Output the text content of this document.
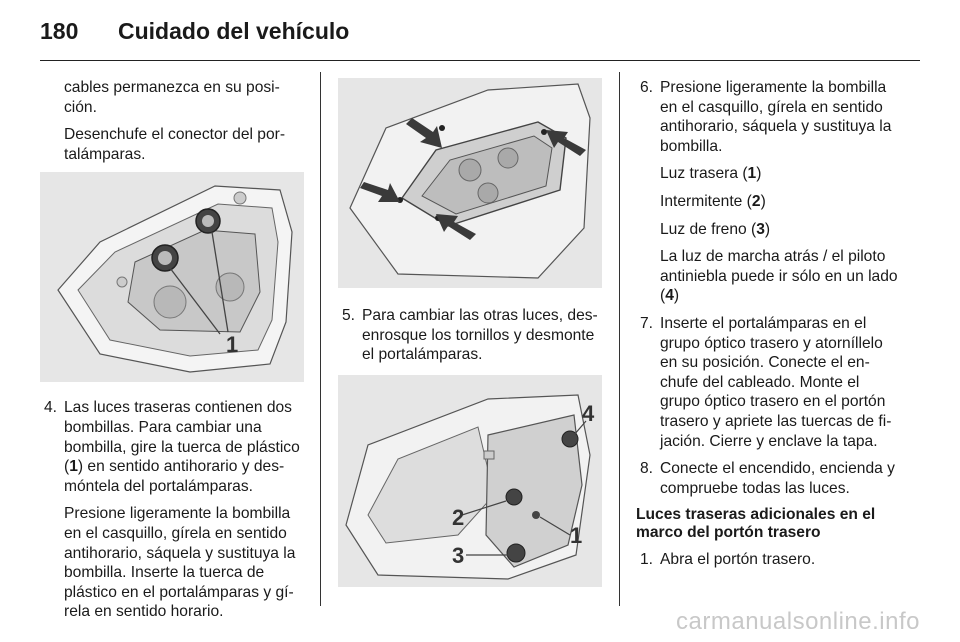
180 Cuidado del vehículo

cables permanezca en su posi-ción.

Desenchufe el conector del por-talámparas.

1
4. Las luces traseras contienen dos bombillas. Para cambiar una bombilla, gire la tuerca de plástico (1) en sentido antihorario y des-móntela del portalámparas.

Presione ligeramente la bombilla en el casquillo, gírela en sentido antihorario, sáquela y sustituya la bombilla. Inserte la tuerca de plástico en el portalámparas y gí-rela en sentido horario.

5. Para cambiar las otras luces, des-enrosque los tornillos y desmonte el portalámparas.
4
2
1
3
6. Presione ligeramente la bombilla en el casquillo, gírela en sentido antihorario, sáquela y sustituya la bombilla.

Luz trasera (1)

Intermitente (2)

Luz de freno (3)

La luz de marcha atrás / el piloto antiniebla puede ir sólo en un lado (4)

7. Inserte el portalámparas en el grupo óptico trasero y atorníllelo en su posición. Conecte el en-chufe del cableado. Monte el grupo óptico trasero en el portón trasero y apriete las tuercas de fi-jación. Cierre y enclave la tapa.
8. Conecte el encendido, encienda y compruebe todas las luces.

Luces traseras adicionales en el marco del portón trasero

1. Abra el portón trasero.
carmanualsonline.info
